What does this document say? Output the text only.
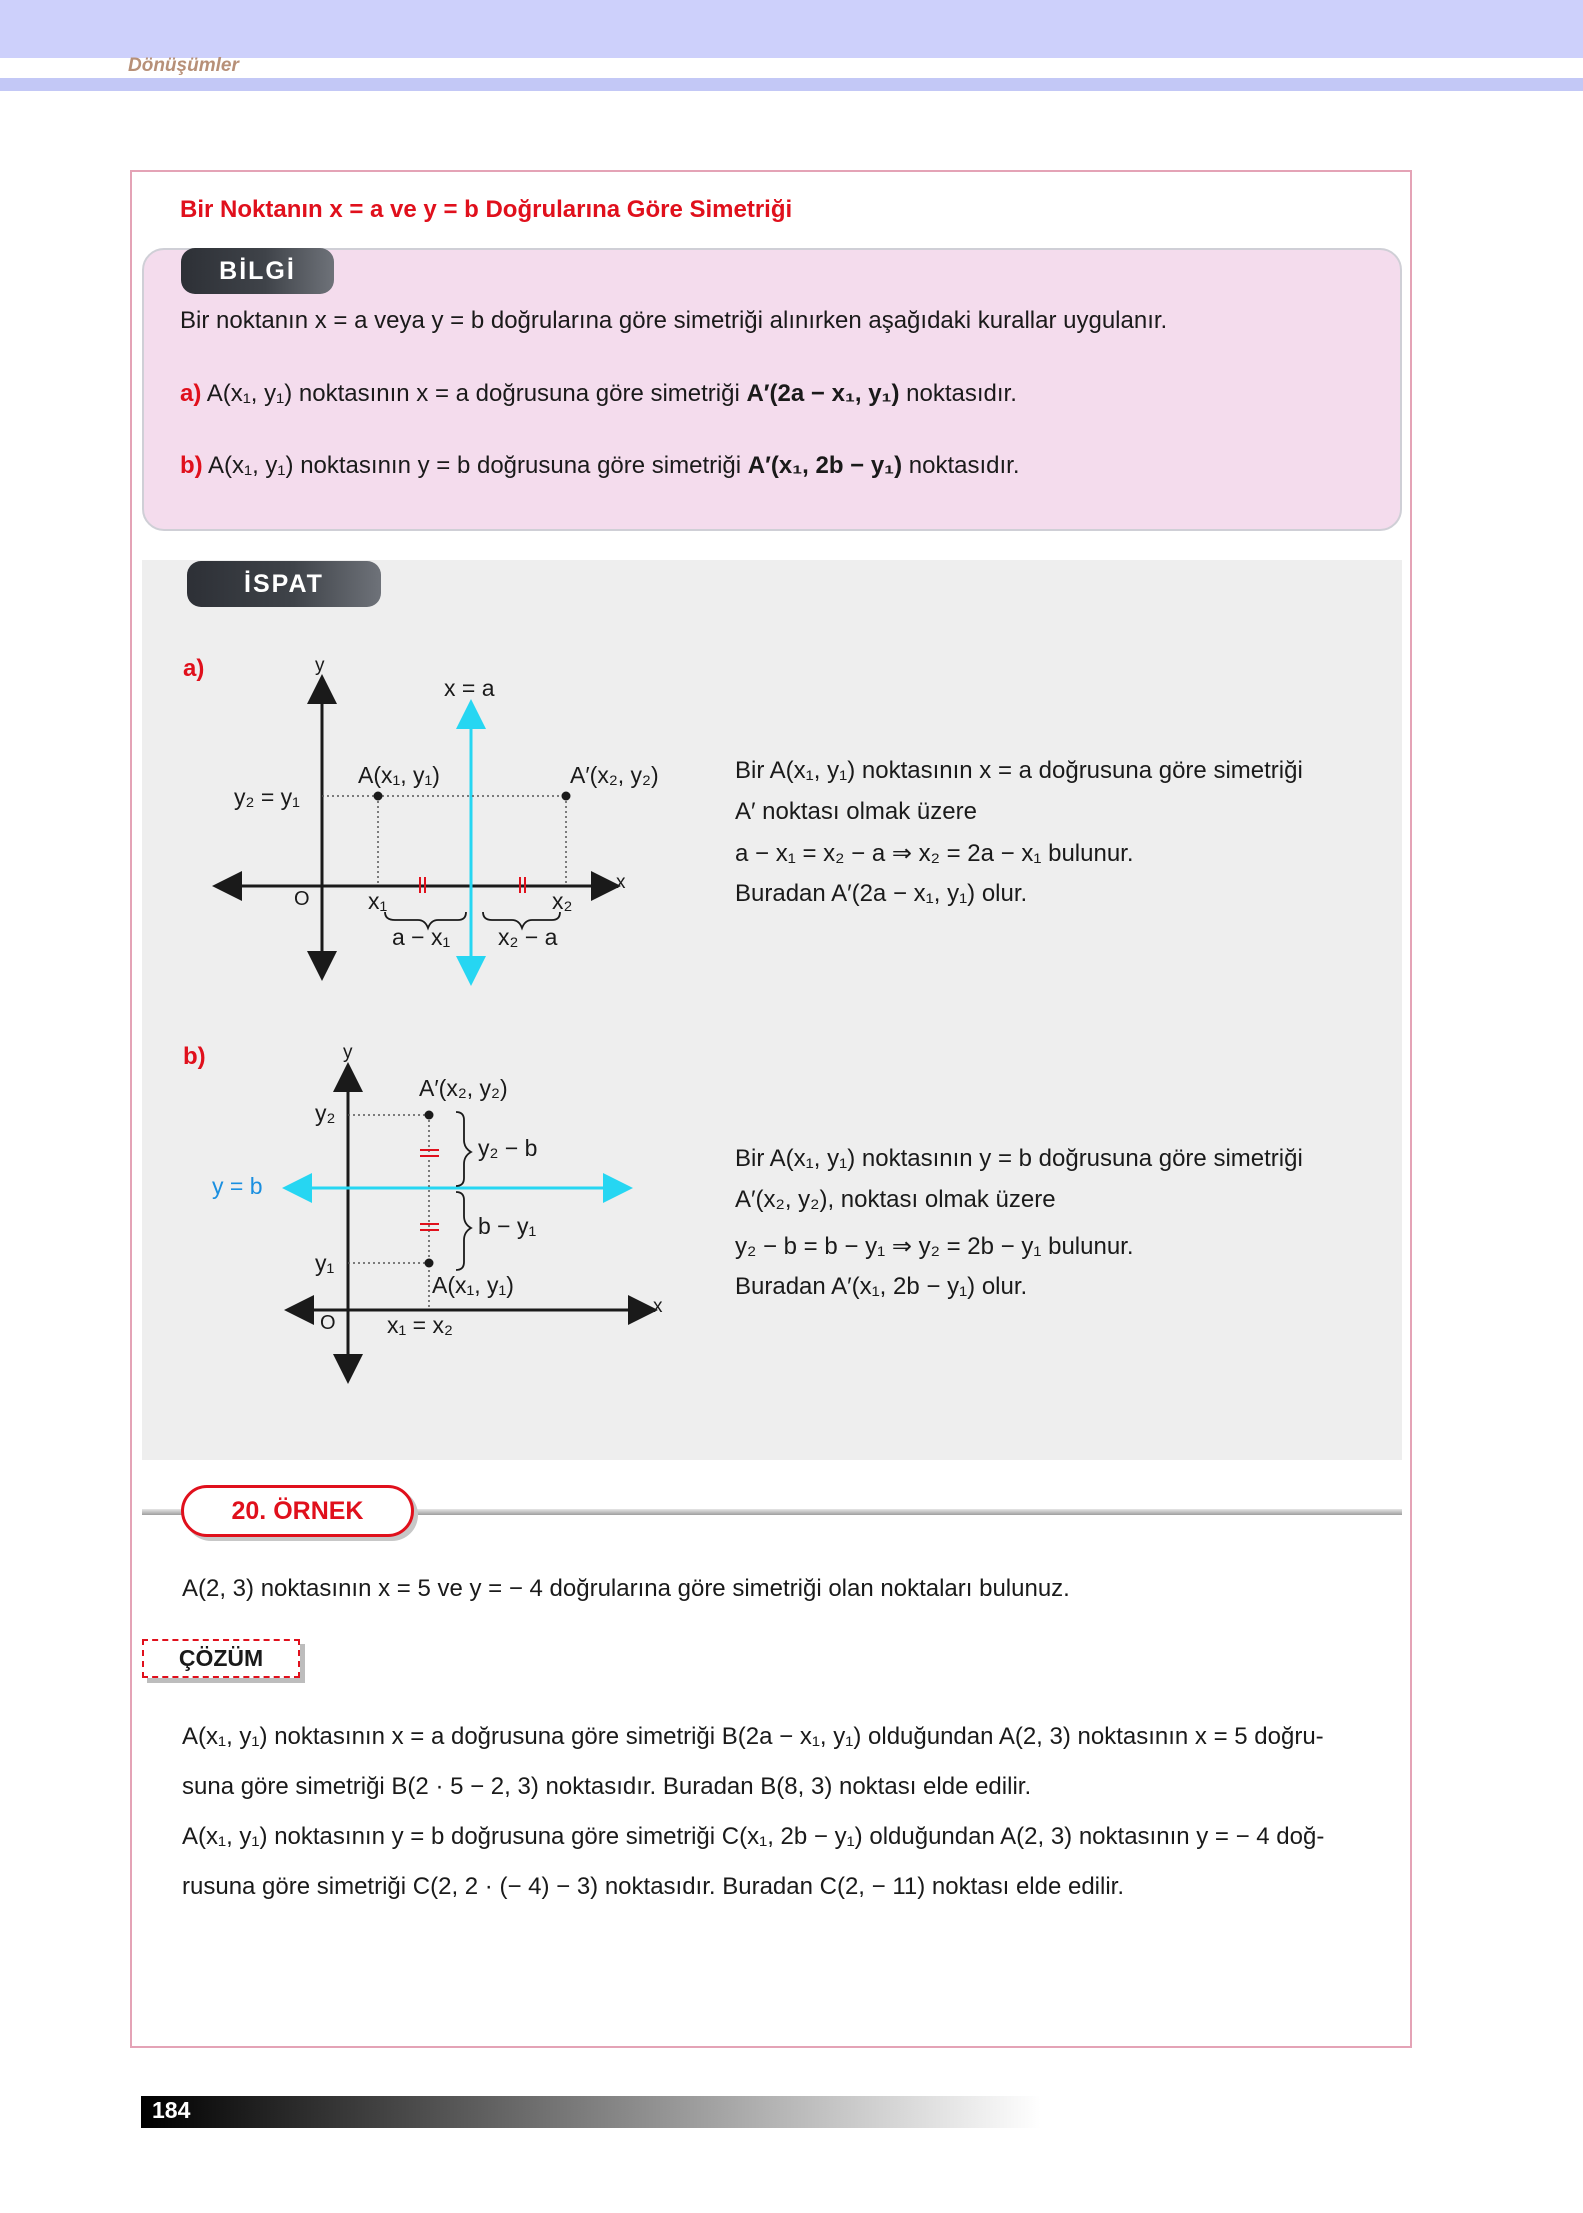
Dönüşümler
Bir Noktanın x = a ve y = b Doğrularına Göre Simetriği
BİLGİ
Bir noktanın x = a veya y = b doğrularına göre simetriği alınırken aşağıdaki kurallar uygulanır.
a) A(x₁, y₁) noktasının x = a doğrusuna göre simetriği A′(2a − x₁, y₁) noktasıdır.
b) A(x₁, y₁) noktasının y = b doğrusuna göre simetriği A′(x₁, 2b − y₁) noktasıdır.
İSPAT
a)	y
x = a
A(x₁, y₁)	A′(x₂, y₂)
y₂ = y₁
O	x₁	x₂
x
a − x₁ x₂ − a
Bir A(x₁, y₁) noktasının x = a doğrusuna göre simetriği
A′ noktası olmak üzere
a − x₁ = x₂ − a ⇒ x₂ = 2a − x₁ bulunur.
Buradan A′(2a − x₁, y₁) olur.
b)	y
A′(x₂, y₂)
y₂
y₂ − b
y = b
b − y₁
y₁
A(x₁, y₁)
O x₁ = x₂
x
Bir A(x₁, y₁) noktasının y = b doğrusuna göre simetriği
A′(x₂, y₂), noktası olmak üzere
y₂ − b = b − y₁ ⇒ y₂ = 2b − y₁ bulunur.
Buradan A′(x₁, 2b − y₁) olur.
20. ÖRNEK
A(2, 3) noktasının x = 5 ve y = − 4 doğrularına göre simetriği olan noktaları bulunuz.
ÇÖZÜM
A(x₁, y₁) noktasının x = a doğrusuna göre simetriği B(2a − x₁, y₁) olduğundan A(2, 3) noktasının x = 5 doğru-
suna göre simetriği B(2 · 5 − 2, 3) noktasıdır. Buradan B(8, 3) noktası elde edilir.
A(x₁, y₁) noktasının y = b doğrusuna göre simetriği C(x₁, 2b − y₁) olduğundan A(2, 3) noktasının y = − 4 doğ-
rusuna göre simetriği C(2, 2 · (− 4) − 3) noktasıdır. Buradan C(2, − 11) noktası elde edilir.
184
